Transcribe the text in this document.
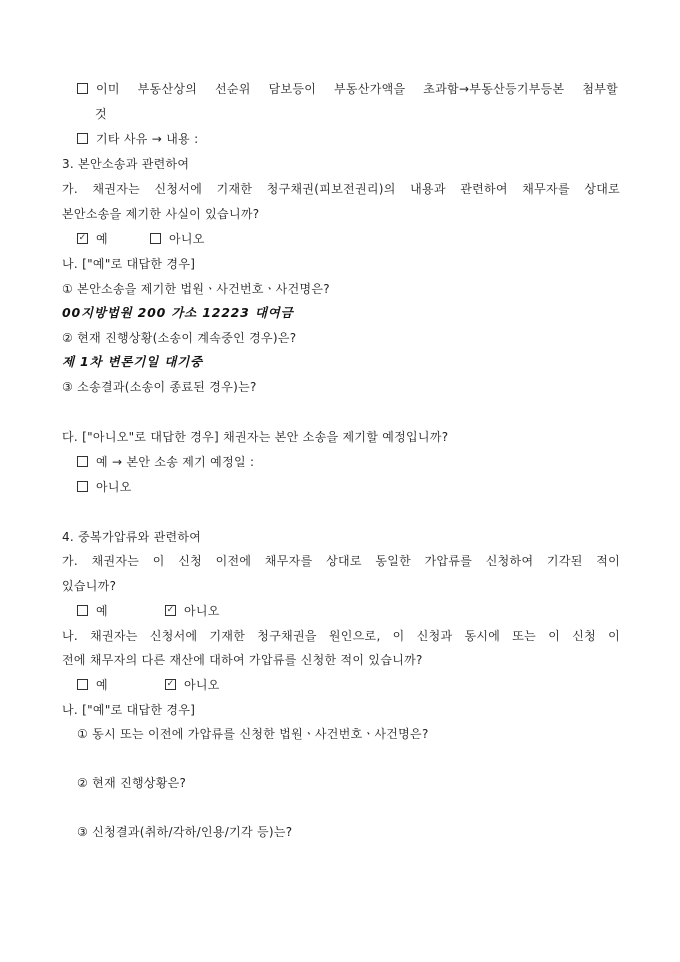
이미 부동산상의 선순위 담보등이 부동산가액을 초과함→부동산등기부등본 첨부할
것
기타 사유 → 내용 :
3. 본안소송과 관련하여
가. 채권자는 신청서에 기재한 청구채권(피보전권리)의 내용과 관련하여 채무자를 상대로
본안소송을 제기한 사실이 있습니까?
✓예	아니오
나. ["예"로 대답한 경우]
① 본안소송을 제기한 법원ㆍ사건번호ㆍ사건명은?
00지방법원 200 가소 12223 대여금
② 현재 진행상황(소송이 계속중인 경우)은?
제 1차 변론기일 대기중
③ 소송결과(소송이 종료된 경우)는?
다. ["아니오"로 대답한 경우] 채권자는 본안 소송을 제기할 예정입니까?
예 → 본안 소송 제기 예정일 :
아니오
4. 중복가압류와 관련하여
가. 채권자는 이 신청 이전에 채무자를 상대로 동일한 가압류를 신청하여 기각된 적이
있습니까?
예 ✓	아니오
나. 채권자는 신청서에 기재한 청구채권을 원인으로, 이 신청과 동시에 또는 이 신청 이
전에 채무자의 다른 재산에 대하여 가압류를 신청한 적이 있습니까?
예 ✓	아니오
나. ["예"로 대답한 경우]
① 동시 또는 이전에 가압류를 신청한 법원ㆍ사건번호ㆍ사건명은?
② 현재 진행상황은?
③ 신청결과(취하/각하/인용/기각 등)는?
